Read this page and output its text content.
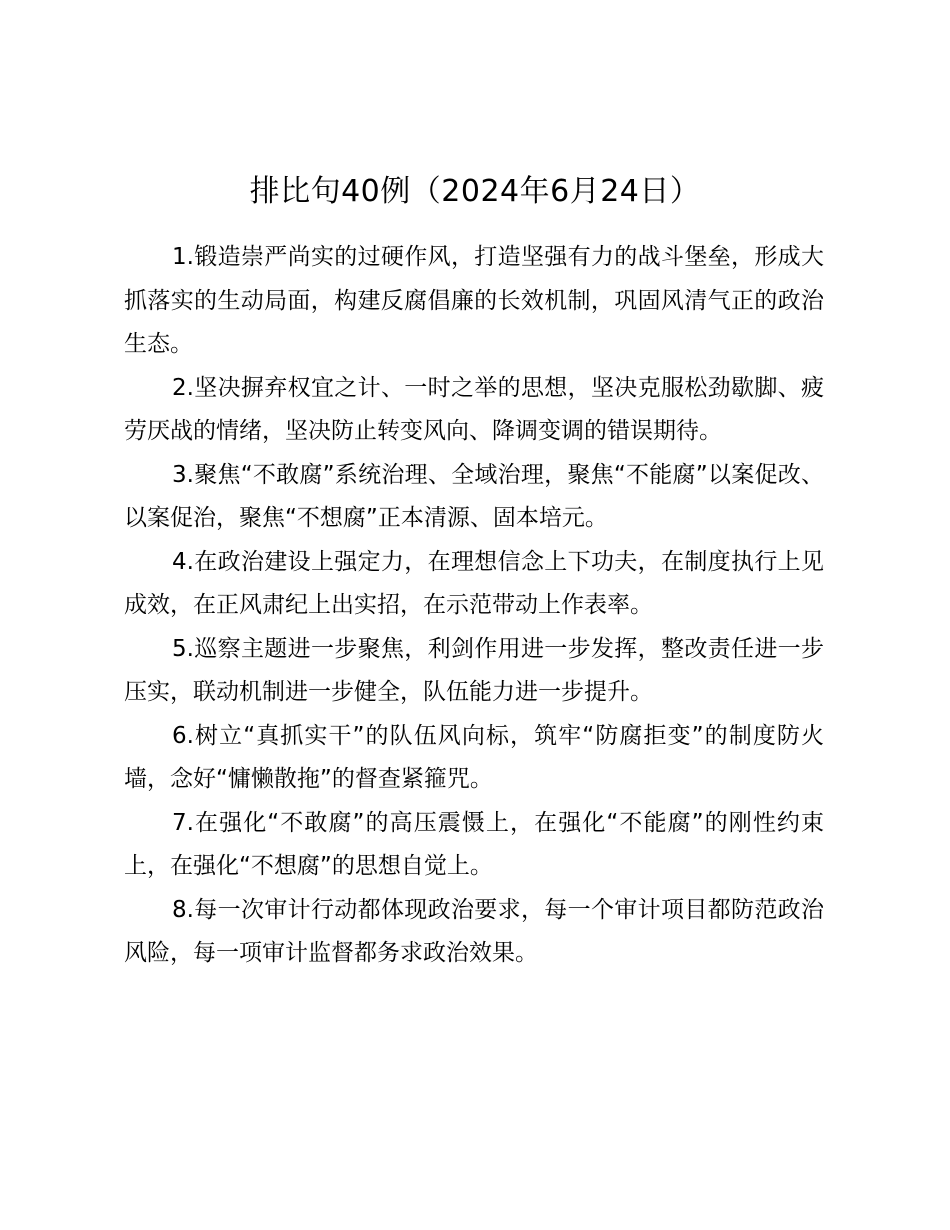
排比句40例（2024年6月24日）

1.锻造崇严尚实的过硬作风，打造坚强有力的战斗堡垒，形成大抓落实的生动局面，构建反腐倡廉的长效机制，巩固风清气正的政治生态。

2.坚决摒弃权宜之计、一时之举的思想，坚决克服松劲歇脚、疲劳厌战的情绪，坚决防止转变风向、降调变调的错误期待。

3.聚焦“不敢腐”系统治理、全域治理，聚焦“不能腐”以案促改、以案促治，聚焦“不想腐”正本清源、固本培元。

4.在政治建设上强定力，在理想信念上下功夫，在制度执行上见成效，在正风肃纪上出实招，在示范带动上作表率。

5.巡察主题进一步聚焦，利剑作用进一步发挥，整改责任进一步压实，联动机制进一步健全，队伍能力进一步提升。

6.树立“真抓实干”的队伍风向标，筑牢“防腐拒变”的制度防火墙，念好“慵懒散拖”的督查紧箍咒。

7.在强化“不敢腐”的高压震慑上，在强化“不能腐”的刚性约束上，在强化“不想腐”的思想自觉上。

8.每一次审计行动都体现政治要求，每一个审计项目都防范政治风险，每一项审计监督都务求政治效果。
